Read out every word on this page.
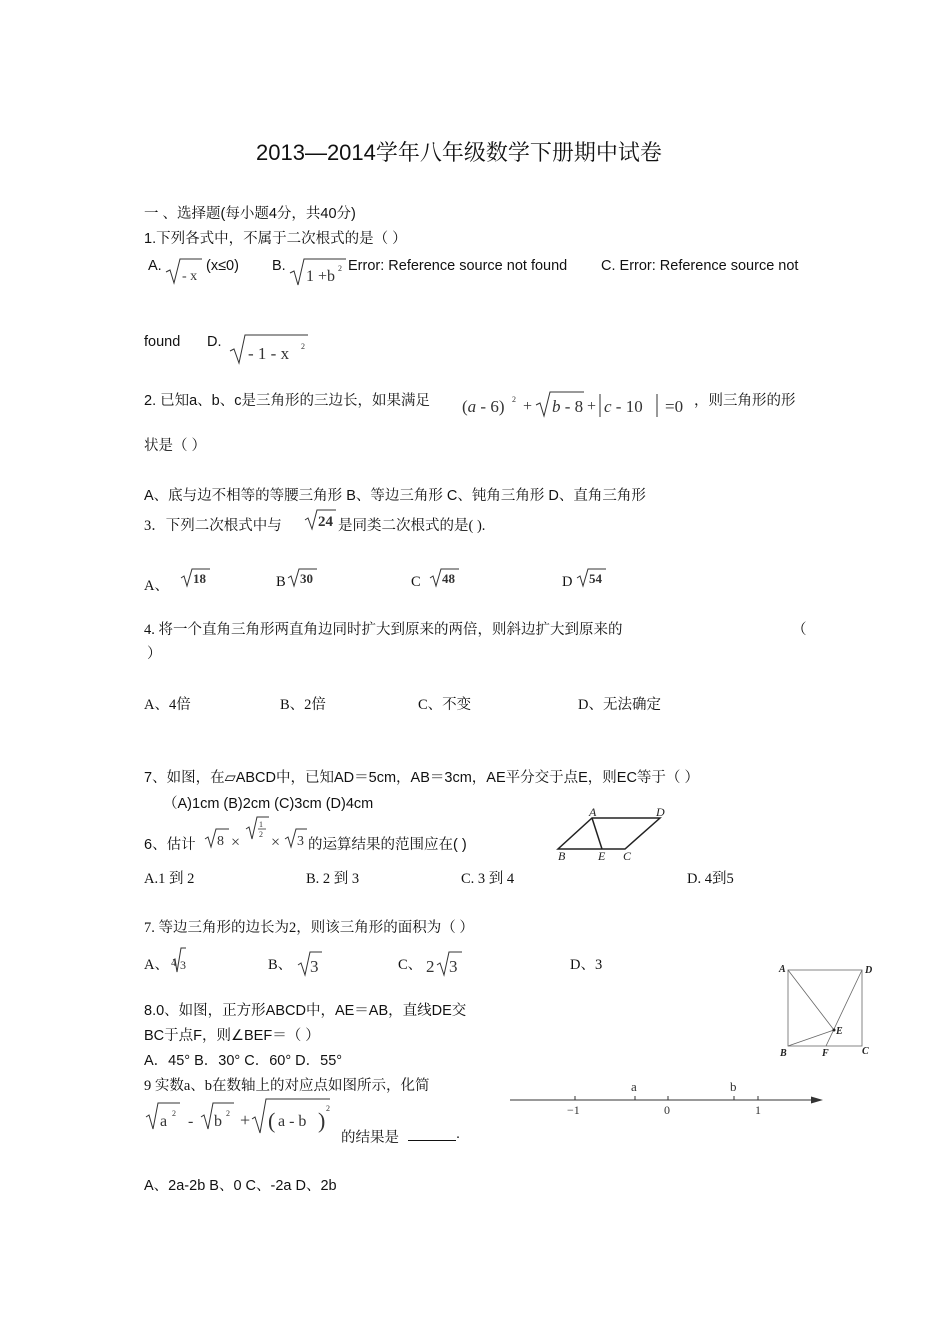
2013—2014学年八年级数学下册期中试卷
一 、选择题(每小题4分，共40分)
1.下列各式中，不属于二次根式的是（ ）
A.
- x
(x≤0) B.
1 +b 2 Error: Reference source not found C. Error: Reference source not
found D.
- 1 - x 2
2. 已知a、b、c是三角形的三边长，如果满足 (a - 6) 2 + b - 8 + c - 10 =0 ，则三角形的形
状是（ ）
A、底与边不相等的等腰三角形 B、等边三角形 C、钝角三角形 D、直角三角形
3．下列二次根式中与 24 是同类二次根式的是( ).
A、 18	B 30	C 48	D 54
4. 将一个直角三角形两直角边同时扩大到原来的两倍，则斜边扩大到原来的	（
）
A、4倍	B、2倍	C、不变	D、无法确定
7、如图，在▱ABCD中，已知AD＝5cm，AB＝3cm，AE平分交于点E，则EC等于（ ）
（A)1cm (B)2cm (C)3cm (D)4cm	A	D
B	E C
6、估计 8 ×
1
2 × 3 的运算结果的范围应在( )
A.1 到 2	B. 2 到 3	C. 3 到 4	D. 4到5
7. 等边三角形的边长为2，则该三角形的面积为（ ）
A、 4 3	B、 3	C、 2 3	D、3	A	D
E
B	F	C
8.0、如图，正方形ABCD中，AE＝AB，直线DE交
BC于点F，则∠BEF＝（ ）
A．45° B．30° C．60° D．55°
9 实数a、b在数轴上的对应点如图所示，化简
a 2 - b 2 + ( a - b ) 2
的结果是	.
a	b
−1	0	1
A、2a-2b B、0 C、-2a D、2b
